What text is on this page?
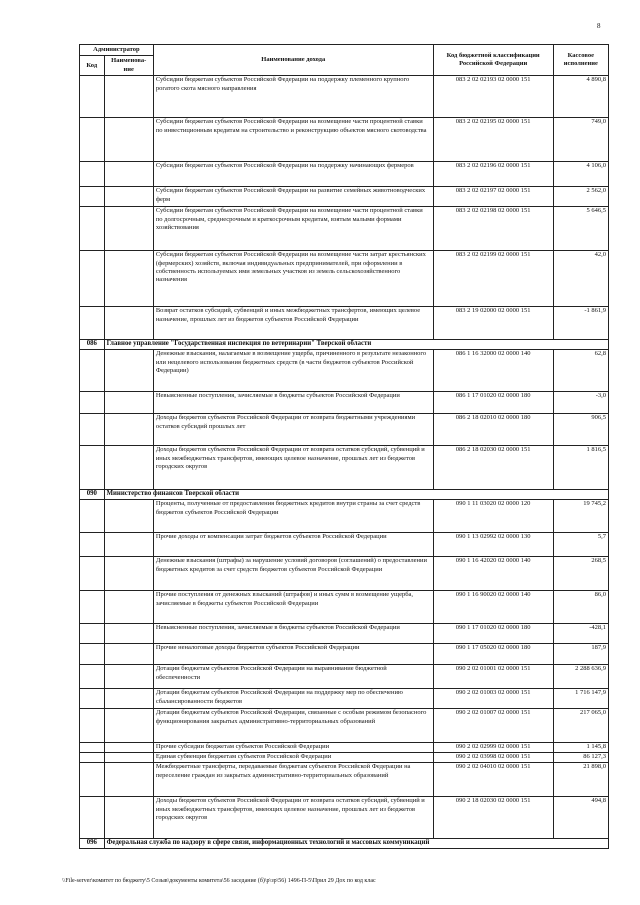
8
Администратор		Наименование дохода	Код бюджетной классификации Российской Федерации	Кассовое исполнение
Код	Наименова-ние			
		Субсидии бюджетам субъектов Российской Федерации на поддержку племенного крупного рогатого скота мясного направления	083 2 02 02193 02 0000 151	4 890,8
		Субсидии бюджетам субъектов Российской Федерации на возмещение части процентной ставки по инвестиционным кредитам на строительство и реконструкцию объектов мясного скотоводства	083 2 02 02195 02 0000 151	749,0
		Субсидии бюджетам субъектов Российской Федерации на поддержку начинающих фермеров	083 2 02 02196 02 0000 151	4 106,0
		Субсидии бюджетам субъектов Российской Федерации на развитие семейных животноводческих ферм	083 2 02 02197 02 0000 151	2 562,0
		Субсидии бюджетам субъектов Российской Федерации на возмещение части процентной ставки по долгосрочным, среднесрочным и краткосрочным кредитам, взятым малыми формами хозяйствования	083 2 02 02198 02 0000 151	5 646,5
		Субсидии бюджетам субъектов Российской Федерации на возмещение части затрат крестьянских (фермерских) хозяйств, включая индивидуальных предпринимателей, при оформлении в собственность используемых ими земельных участков из земель сельскохозяйственного назначения	083 2 02 02199 02 0000 151	42,0
		Возврат остатков субсидий, субвенций и иных межбюджетных трансфертов, имеющих целевое назначение, прошлых лет из бюджетов субъектов Российской Федерации	083 2 19 02000 02 0000 151	-1 861,9
086	Главное управление "Государственная инспекция по ветеринарии" Тверской области			
		Денежные взыскания, налагаемые в возмещение ущерба, причиненного в результате незаконного или нецелевого использования бюджетных средств (в части бюджетов субъектов Российской Федерации)	086 1 16 32000 02 0000 140	62,8
		Невыясненные поступления, зачисляемые в бюджеты субъектов Российской Федерации	086 1 17 01020 02 0000 180	-3,0
		Доходы бюджетов субъектов Российской Федерации от возврата бюджетными учреждениями остатков субсидий прошлых лет	086 2 18 02010 02 0000 180	906,5
		Доходы бюджетов субъектов Российской Федерации от возврата остатков субсидий, субвенций и иных межбюджетных трансфертов, имеющих целевое назначение, прошлых лет из бюджетов городских округов	086 2 18 02030 02 0000 151	1 816,5
090	Министерство финансов Тверской области			
		Проценты, полученные от предоставления бюджетных кредитов внутри страны за счет средств бюджетов субъектов Российской Федерации	090 1 11 03020 02 0000 120	19 745,2
		Прочие доходы от компенсации затрат бюджетов субъектов Российской Федерации	090 1 13 02992 02 0000 130	5,7
		Денежные взыскания (штрафы) за нарушение условий договоров (соглашений) о предоставлении бюджетных кредитов за счет средств бюджетов субъектов Российской Федерации	090 1 16 42020 02 0000 140	268,5
		Прочие поступления от денежных взысканий (штрафов) и иных сумм в возмещение ущерба, зачисляемые в бюджеты субъектов Российской Федерации	090 1 16 90020 02 0000 140	86,0
		Невыясненные поступления, зачисляемые в бюджеты субъектов Российской Федерации	090 1 17 01020 02 0000 180	-428,1
		Прочие неналоговые доходы бюджетов субъектов Российской Федерации	090 1 17 05020 02 0000 180	187,9
		Дотации бюджетам субъектов Российской Федерации на выравнивание бюджетной обеспеченности	090 2 02 01001 02 0000 151	2 288 636,9
		Дотации бюджетам субъектов Российской Федерации на поддержку мер по обеспечению сбалансированности бюджетов	090 2 02 01003 02 0000 151	1 716 147,9
		Дотации бюджетам субъектов Российской Федерации, связанные с особым режимом безопасного функционирования закрытых административно-территориальных образований	090 2 02 01007 02 0000 151	217 065,0
		Прочие субсидии бюджетам субъектов Российской Федерации	090 2 02 02999 02 0000 151	1 145,8
		Единая субвенция бюджетам субъектов Российской Федерации	090 2 02 03998 02 0000 151	86 127,3
		Межбюджетные трансферты, передаваемые бюджетам субъектов Российской Федерации на переселение граждан из закрытых административно-территориальных образований	090 2 02 04010 02 0000 151	21 898,0
		Доходы бюджетов субъектов Российской Федерации от возврата остатков субсидий, субвенций и иных межбюджетных трансфертов, имеющих целевое назначение, прошлых лет из бюджетов городских округов	090 2 18 02030 02 0000 151	494,8
096	Федеральная служба по надзору в сфере связи, информационных технологий и массовых коммуникаций			
\\File-server\комитет по бюджету\5 Созыв\документы комитета\56 заседание (б)\p\зр\56) 1496-П-5\Прил 29 Дох по код клас
